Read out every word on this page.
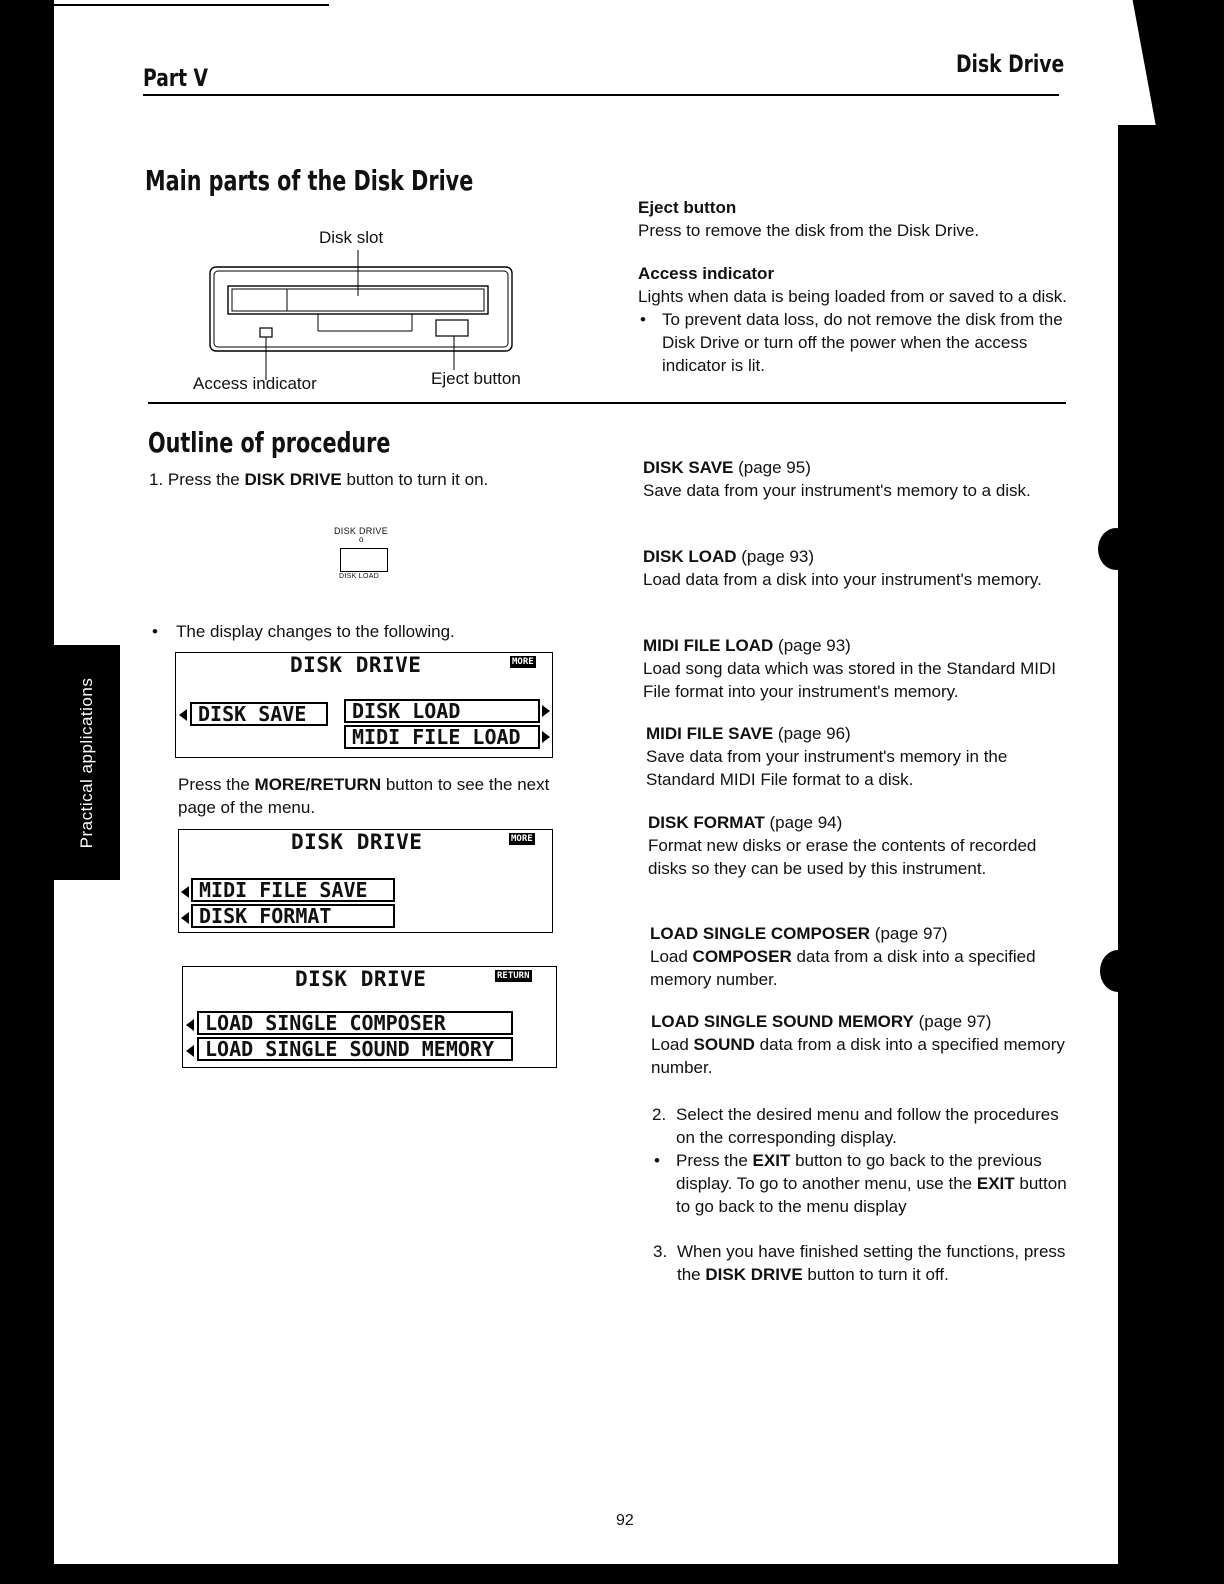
Practical applications
Part V	Disk Drive
Main parts of the Disk Drive
Disk slot
Access indicator	Eject button
Eject button
Press to remove the disk from the Disk Drive.
Access indicator
Lights when data is being loaded from or saved to a disk.
• To prevent data loss, do not remove the disk from the Disk Drive or turn off the power when the access indicator is lit.
Outline of procedure
1. Press the DISK DRIVE button to turn it on.
DISK DRIVE
o
DISK LOAD
• The display changes to the following.
DISK DRIVE	MORE
DISK SAVE	DISK LOAD
MIDI FILE LOAD
Press the MORE/RETURN button to see the next page of the menu.
DISK DRIVE	MORE
MIDI FILE SAVE
DISK FORMAT
DISK DRIVE	RETURN
LOAD SINGLE COMPOSER
LOAD SINGLE SOUND MEMORY
DISK SAVE (page 95)
Save data from your instrument's memory to a disk.
DISK LOAD (page 93)
Load data from a disk into your instrument's memory.
MIDI FILE LOAD (page 93)
Load song data which was stored in the Standard MIDI File format into your instrument's memory.
MIDI FILE SAVE (page 96)
Save data from your instrument's memory in the Standard MIDI File format to a disk.
DISK FORMAT (page 94)
Format new disks or erase the contents of recorded disks so they can be used by this instrument.
LOAD SINGLE COMPOSER (page 97)
Load COMPOSER data from a disk into a specified memory number.
LOAD SINGLE SOUND MEMORY (page 97)
Load SOUND data from a disk into a specified memory number.
2. Select the desired menu and follow the procedures on the corresponding display.
• Press the EXIT button to go back to the previous display. To go to another menu, use the EXIT button to go back to the menu display
3. When you have finished setting the functions, press the DISK DRIVE button to turn it off.
92
